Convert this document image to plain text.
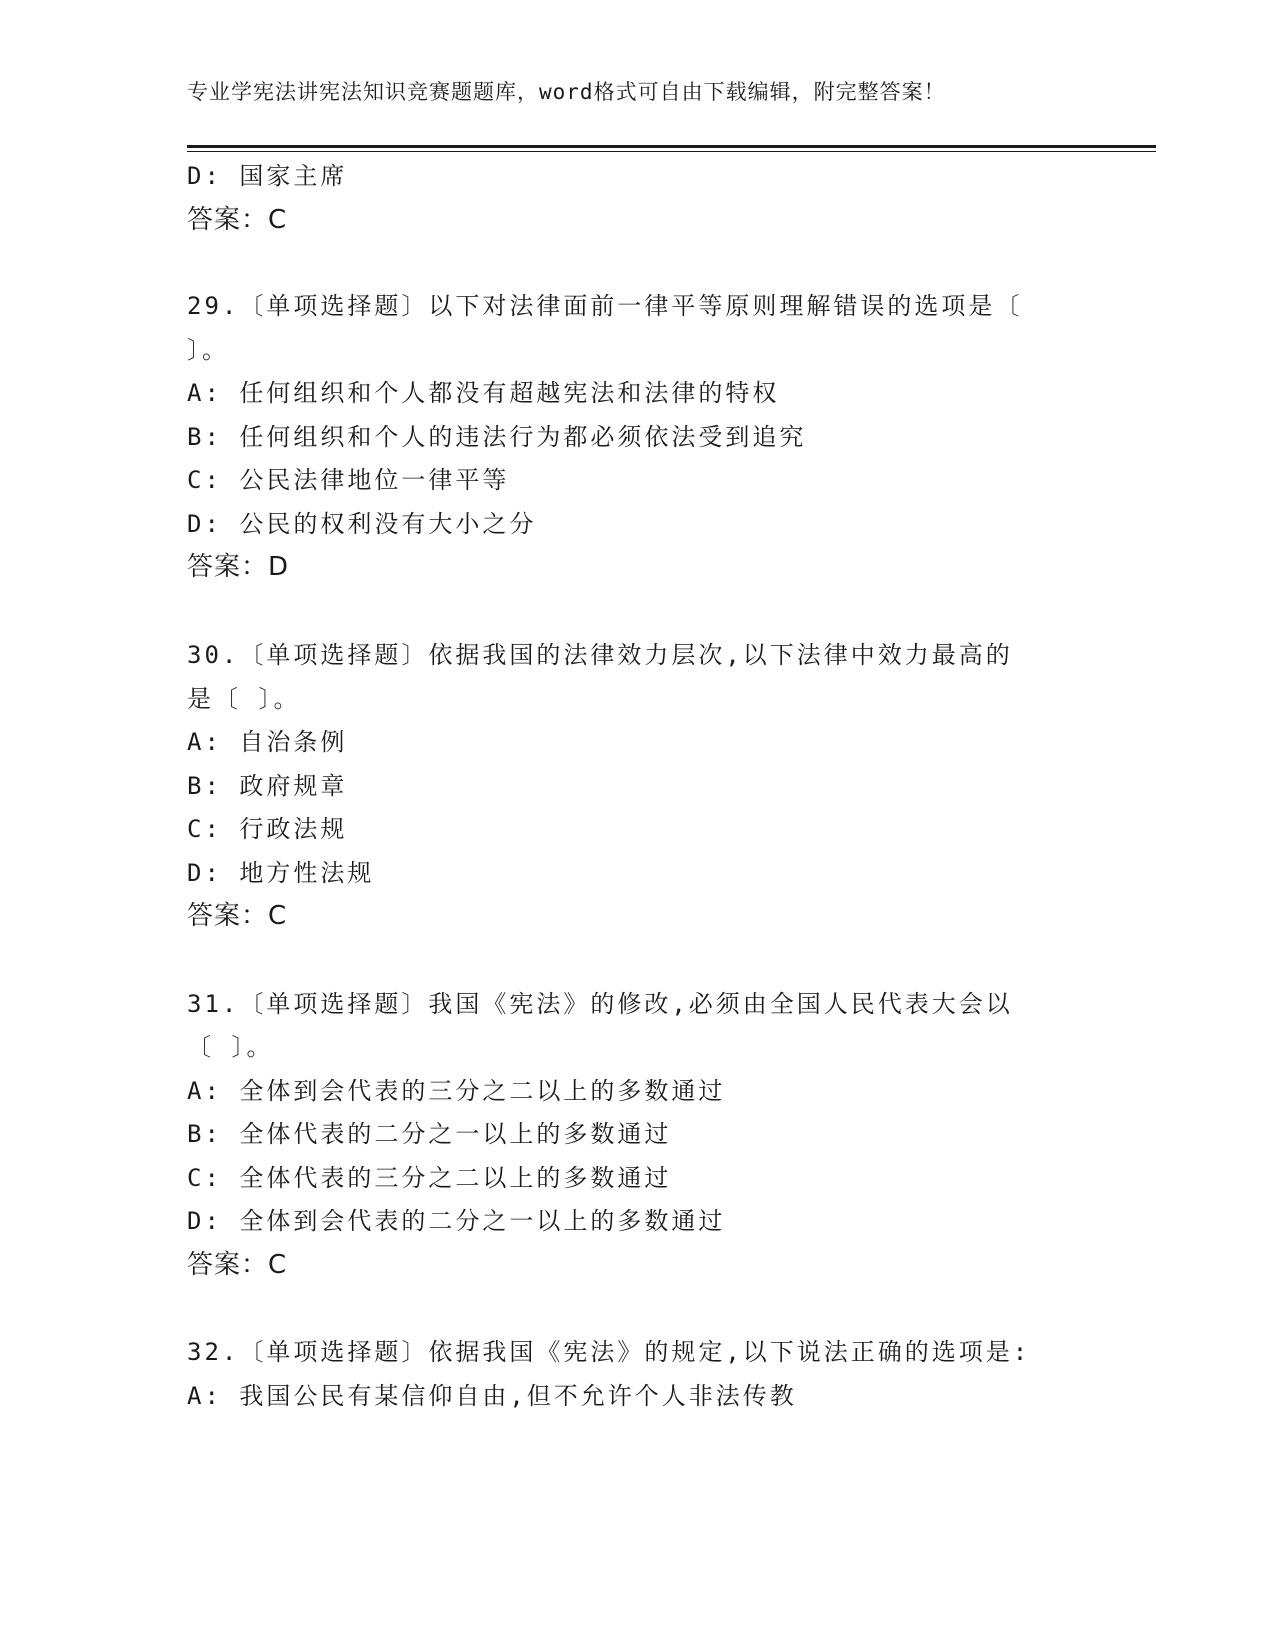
专业学宪法讲宪法知识竞赛题题库，word格式可自由下载编辑，附完整答案！
D: 国家主席
答案：C
29.〔单项选择题〕以下对法律面前一律平等原则理解错误的选项是〔
〕。
A: 任何组织和个人都没有超越宪法和法律的特权
B: 任何组织和个人的违法行为都必须依法受到追究
C: 公民法律地位一律平等
D: 公民的权利没有大小之分
答案：D
30.〔单项选择题〕依据我国的法律效力层次,以下法律中效力最高的
是〔 〕。
A: 自治条例
B: 政府规章
C: 行政法规
D: 地方性法规
答案：C
31.〔单项选择题〕我国《宪法》的修改,必须由全国人民代表大会以
〔 〕。
A: 全体到会代表的三分之二以上的多数通过
B: 全体代表的二分之一以上的多数通过
C: 全体代表的三分之二以上的多数通过
D: 全体到会代表的二分之一以上的多数通过
答案：C
32.〔单项选择题〕依据我国《宪法》的规定,以下说法正确的选项是:
A: 我国公民有某信仰自由,但不允许个人非法传教
